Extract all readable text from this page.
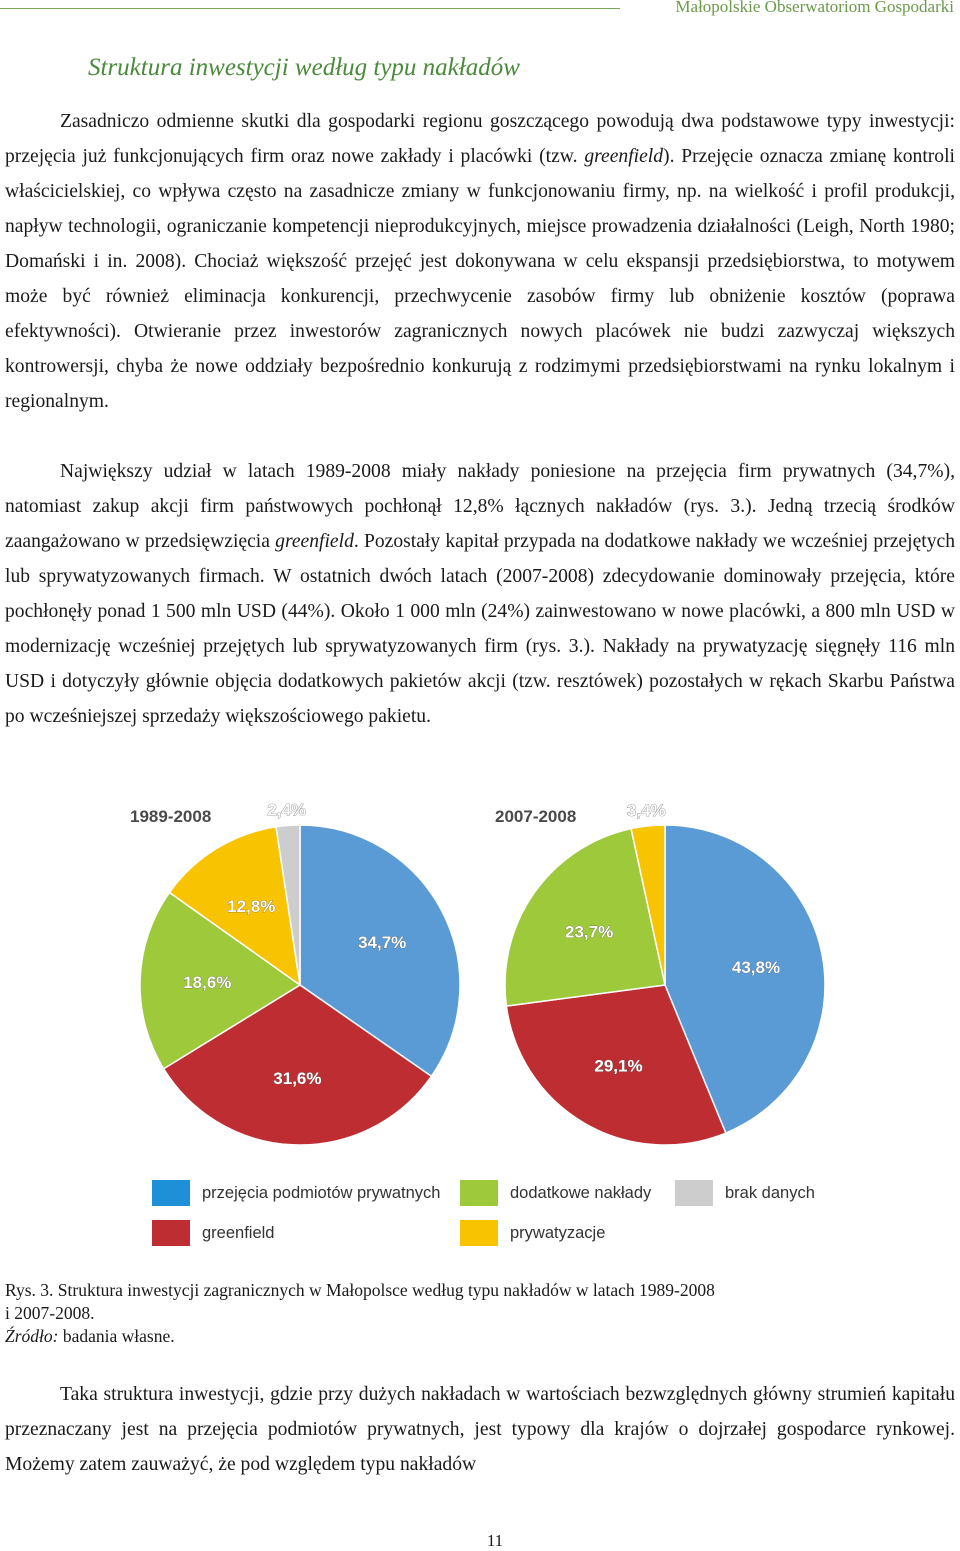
Małopolskie Obserwatoriom Gospodarki
Struktura inwestycji według typu nakładów

Zasadniczo odmienne skutki dla gospodarki regionu goszczącego powodują dwa podstawowe typy inwestycji: przejęcia już funkcjonujących firm oraz nowe zakłady i placówki (tzw. greenfield). Przejęcie oznacza zmianę kontroli właścicielskiej, co wpływa często na zasadnicze zmiany w funkcjonowaniu firmy, np. na wielkość i profil produkcji, napływ technologii, ograniczanie kompetencji nieprodukcyjnych, miejsce prowadzenia działalności (Leigh, North 1980; Domański i in. 2008). Chociaż większość przejęć jest dokonywana w celu ekspansji przedsiębiorstwa, to motywem może być również eliminacja konkurencji, przechwycenie zasobów firmy lub obniżenie kosztów (poprawa efektywności). Otwieranie przez inwestorów zagranicznych nowych placówek nie budzi zazwyczaj większych kontrowersji, chyba że nowe oddziały bezpośrednio konkurują z rodzimymi przedsiębiorstwami na rynku lokalnym i regionalnym.

Największy udział w latach 1989-2008 miały nakłady poniesione na przejęcia firm prywatnych (34,7%), natomiast zakup akcji firm państwowych pochłonął 12,8% łącznych nakładów (rys. 3.). Jedną trzecią środków zaangażowano w przedsięwzięcia greenfield. Pozostały kapitał przypada na dodatkowe nakłady we wcześniej przejętych lub sprywatyzowanych firmach. W ostatnich dwóch latach (2007-2008) zdecydowanie dominowały przejęcia, które pochłonęły ponad 1 500 mln USD (44%). Około 1 000 mln (24%) zainwestowano w nowe placówki, a 800 mln USD w modernizację wcześniej przejętych lub sprywatyzowanych firm (rys. 3.). Nakłady na prywatyzację sięgnęły 116 mln USD i dotyczyły głównie objęcia dodatkowych pakietów akcji (tzw. resztówek) pozostałych w rękach Skarbu Państwa po wcześniejszej sprzedaży większościowego pakietu.

1989-2008	2007-2008
34,7%
31,6%
18,6%
12,8%
2,4%
43,8%
29,1%
23,7%
3,4%
przejęcia podmiotów prywatnych	dodatkowe nakłady	brak danych
greenfield	prywatyzacje
Rys. 3. Struktura inwestycji zagranicznych w Małopolsce według typu nakładów w latach 1989-2008
i 2007-2008.
Źródło: badania własne.

Taka struktura inwestycji, gdzie przy dużych nakładach w wartościach bezwzględnych główny strumień kapitału przeznaczany jest na przejęcia podmiotów prywatnych, jest typowy dla krajów o dojrzałej gospodarce rynkowej. Możemy zatem zauważyć, że pod względem typu nakładów

11
